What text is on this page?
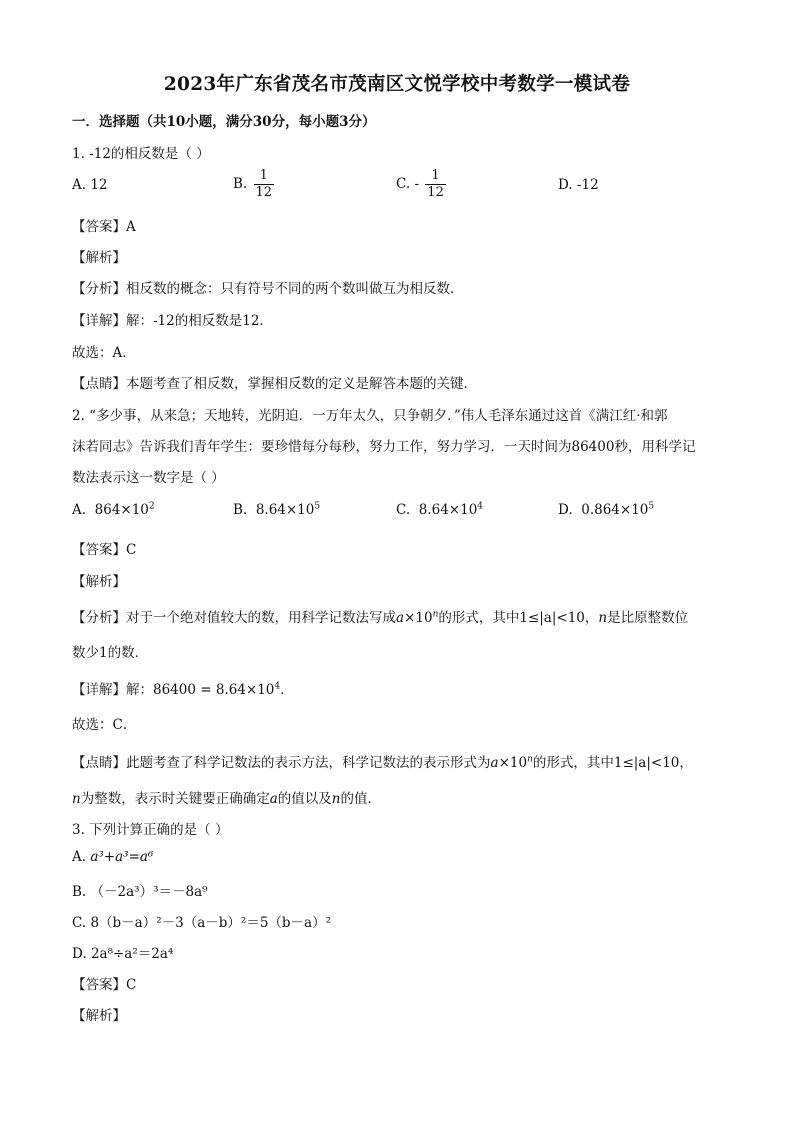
2023年广东省茂名市茂南区文悦学校中考数学一模试卷
一．选择题（共10小题，满分30分，每小题3分）
1. -12的相反数是（ ）
A. 12	B. $\frac{1}{12}$	C. - $\frac{1}{12}$	D. -12
【答案】A
【解析】
【分析】相反数的概念：只有符号不同的两个数叫做互为相反数．
【详解】解：-12的相反数是12．
故选：A．
【点睛】本题考查了相反数，掌握相反数的定义是解答本题的关键．
2. “多少事，从来急；天地转，光阴迫．一万年太久，只争朝夕．”伟人毛泽东通过这首《满江红·和郭
沫若同志》告诉我们青年学生：要珍惜每分每秒，努力工作，努力学习．一天时间为86400秒，用科学记
数法表示这一数字是（ ）
A. $864\times 10^2$	B. $8.64\times 10^5$	C. $8.64\times 10^4$	D. $0.864\times 10^5$
【答案】C
【解析】
【分析】对于一个绝对值较大的数，用科学记数法写成$a\times 10^n$的形式，其中1≤|a|<10，n是比原整数位
数少1的数．
【详解】解：$86400 = 8.64\times 10^4$．
故选：C．
【点睛】此题考查了科学记数法的表示方法，科学记数法的表示形式为$a\times 10^n$的形式，其中1≤|a|<10，
n为整数，表示时关键要正确确定a的值以及n的值．
3. 下列计算正确的是（ ）
A. a³+a³=a⁶
B. （－2a³）³＝－8a⁹
C. 8（b－a）²－3（a－b）²＝5（b－a）²
D. 2a⁸÷a²＝2a⁴
【答案】C
【解析】
